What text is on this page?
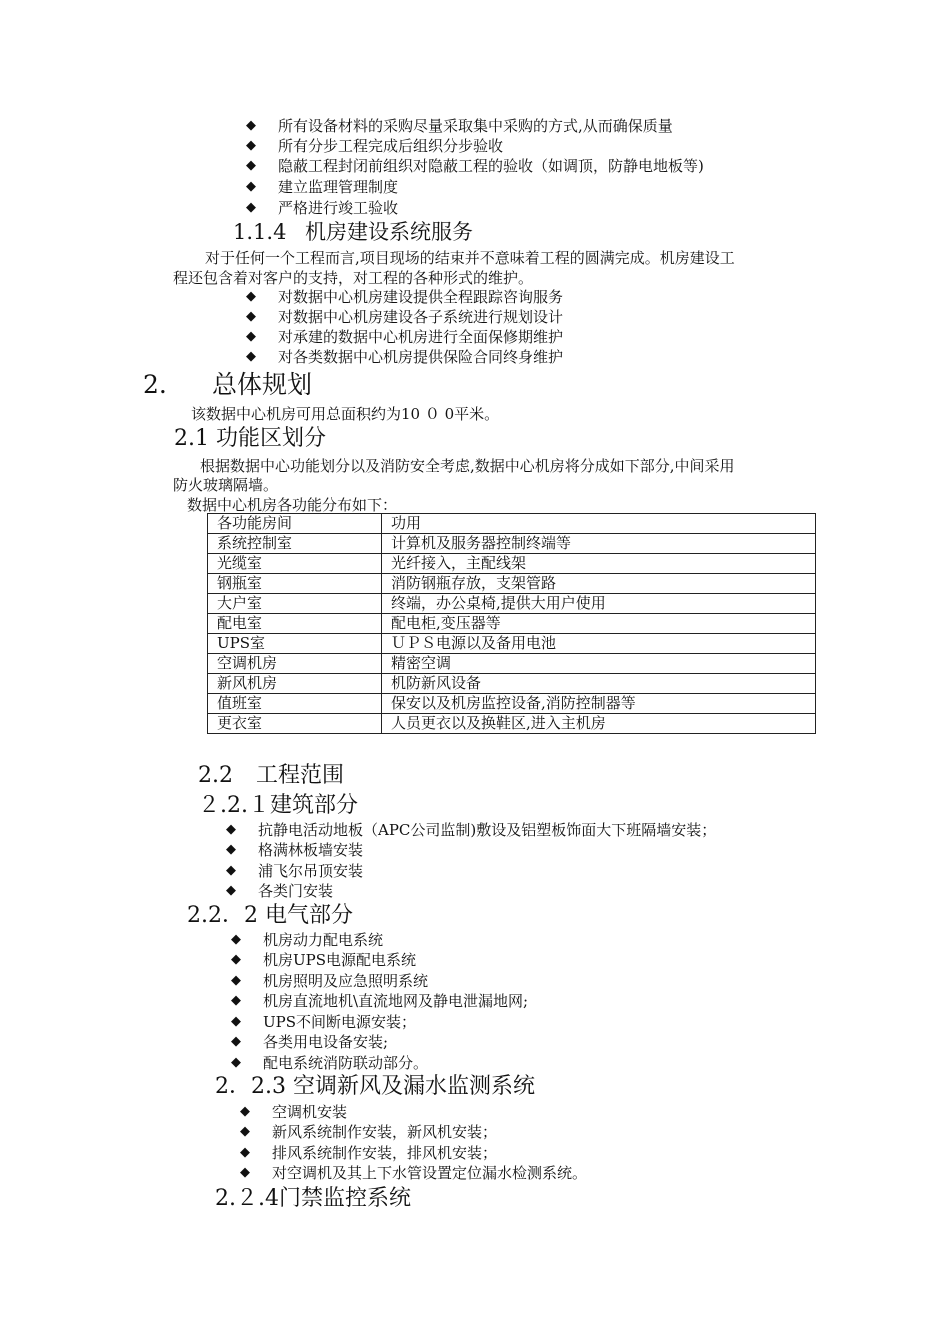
◆ 所有设备材料的采购尽量采取集中采购的方式,从而确保质量
◆ 所有分步工程完成后组织分步验收
◆ 隐蔽工程封闭前组织对隐蔽工程的验收（如调顶，防静电地板等)
◆ 建立监理管理制度
◆ 严格进行竣工验收
1.1.4 机房建设系统服务
对于任何一个工程而言,项目现场的结束并不意味着工程的圆满完成。机房建设工
程还包含着对客户的支持，对工程的各种形式的维护。
◆ 对数据中心机房建设提供全程跟踪咨询服务
◆ 对数据中心机房建设各子系统进行规划设计
◆ 对承建的数据中心机房进行全面保修期维护
◆ 对各类数据中心机房提供保险合同终身维护
2. 总体规划
该数据中心机房可用总面积约为10 ０ 0平米。
2.1 功能区划分
根据数据中心功能划分以及消防安全考虑,数据中心机房将分成如下部分,中间采用
防火玻璃隔墙。
数据中心机房各功能分布如下：
各功能房间	功用
系统控制室	计算机及服务器控制终端等
光缆室	光纤接入，主配线架
钢瓶室	消防钢瓶存放，支架管路
大户室	终端，办公桌椅,提供大用户使用
配电室	配电柜,变压器等
UPS室	ＵＰＳ电源以及备用电池
空调机房	精密空调
新风机房	机防新风设备
值班室	保安以及机房监控设备,消防控制器等
更衣室	人员更衣以及换鞋区,进入主机房
2.2 工程范围
２.2.１建筑部分
◆ 抗静电活动地板（APC公司监制)敷设及铝塑板饰面大下班隔墙安装；
◆ 格满林板墙安装
◆ 浦飞尔吊顶安装
◆ 各类门安装
2.2．2 电气部分
◆ 机房动力配电系统
◆ 机房UPS电源配电系统
◆ 机房照明及应急照明系统
◆ 机房直流地机\直流地网及静电泄漏地网;
◆ UPS不间断电源安装；
◆ 各类用电设备安装;
◆ 配电系统消防联动部分。
2．2.3 空调新风及漏水监测系统
◆ 空调机安装
◆ 新风系统制作安装，新风机安装；
◆ 排风系统制作安装，排风机安装；
◆ 对空调机及其上下水管设置定位漏水检测系统。
2.２.4门禁监控系统
